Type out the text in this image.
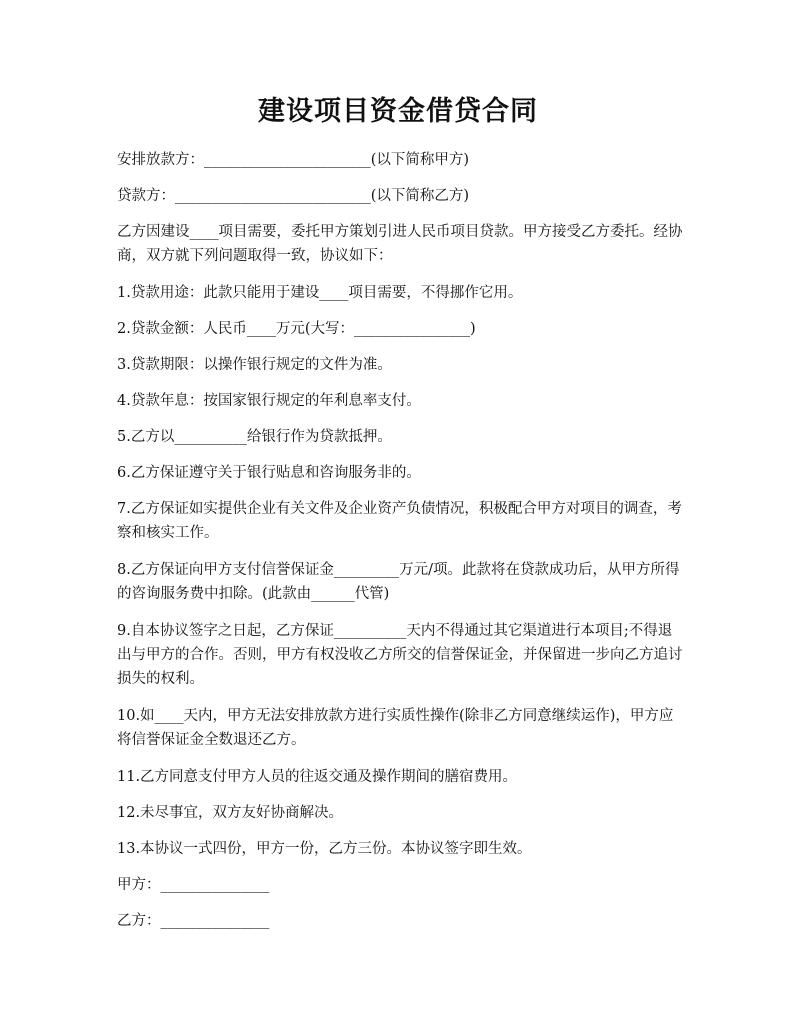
建设项目资金借贷合同

安排放款方：_______________________(以下简称甲方)

贷款方：___________________________(以下简称乙方)

乙方因建设____项目需要，委托甲方策划引进人民币项目贷款。甲方接受乙方委托。经协商，双方就下列问题取得一致，协议如下：

1.贷款用途：此款只能用于建设____项目需要，不得挪作它用。

2.贷款金额：人民币____万元(大写：________________)

3.贷款期限：以操作银行规定的文件为准。

4.贷款年息：按国家银行规定的年利息率支付。

5.乙方以__________给银行作为贷款抵押。

6.乙方保证遵守关于银行贴息和咨询服务非的。

7.乙方保证如实提供企业有关文件及企业资产负债情况，积极配合甲方对项目的调查，考察和核实工作。

8.乙方保证向甲方支付信誉保证金_________万元/项。此款将在贷款成功后，从甲方所得的咨询服务费中扣除。(此款由______代管)

9.自本协议签字之日起，乙方保证__________天内不得通过其它渠道进行本项目;不得退出与甲方的合作。否则，甲方有权没收乙方所交的信誉保证金，并保留进一步向乙方追讨损失的权利。

10.如____天内，甲方无法安排放款方进行实质性操作(除非乙方同意继续运作)，甲方应将信誉保证金全数退还乙方。

11.乙方同意支付甲方人员的往返交通及操作期间的膳宿费用。

12.未尽事宜，双方友好协商解决。

13.本协议一式四份，甲方一份，乙方三份。本协议签字即生效。

甲方：_______________

乙方：_______________
